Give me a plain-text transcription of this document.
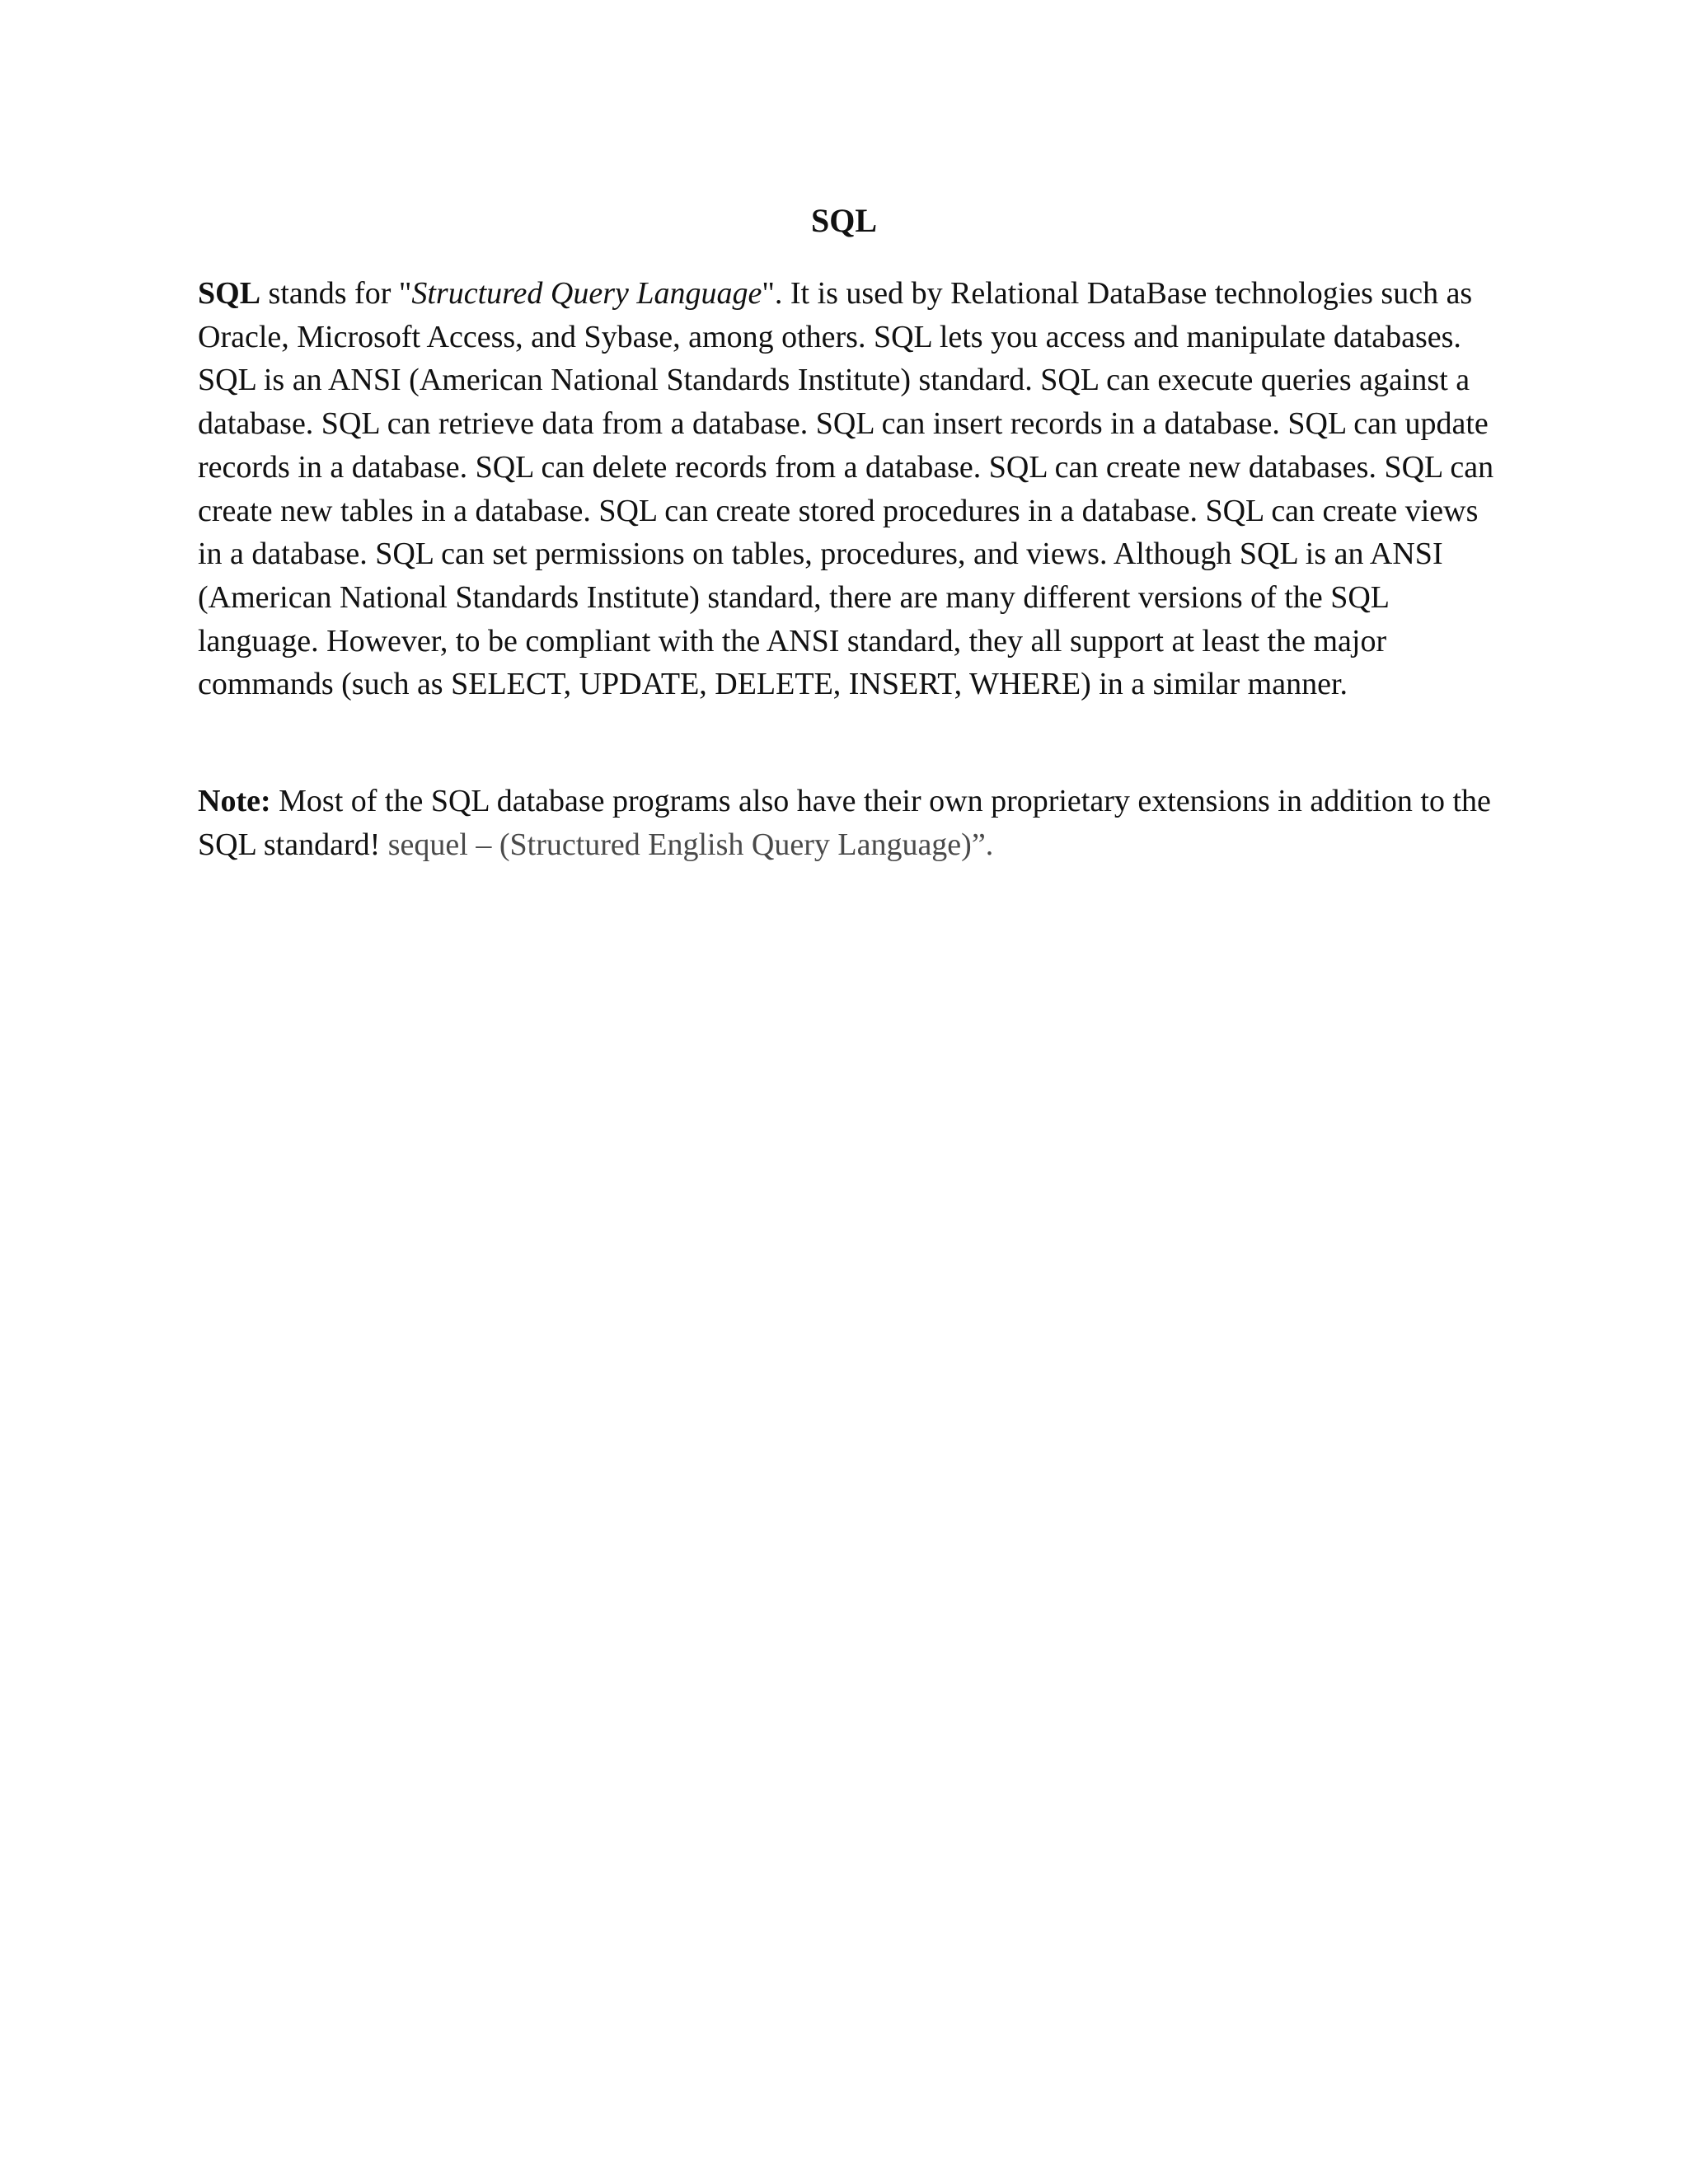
SQL

SQL stands for "Structured Query Language". It is used by Relational DataBase technologies such as Oracle, Microsoft Access, and Sybase, among others. SQL lets you access and manipulate databases. SQL is an ANSI (American National Standards Institute) standard. SQL can execute queries against a database. SQL can retrieve data from a database. SQL can insert records in a database. SQL can update records in a database. SQL can delete records from a database. SQL can create new databases. SQL can create new tables in a database. SQL can create stored procedures in a database. SQL can create views in a database. SQL can set permissions on tables, procedures, and views. Although SQL is an ANSI (American National Standards Institute) standard, there are many different versions of the SQL language. However, to be compliant with the ANSI standard, they all support at least the major commands (such as SELECT, UPDATE, DELETE, INSERT, WHERE) in a similar manner.

Note: Most of the SQL database programs also have their own proprietary extensions in addition to the SQL standard! sequel – (Structured English Query Language)”.
